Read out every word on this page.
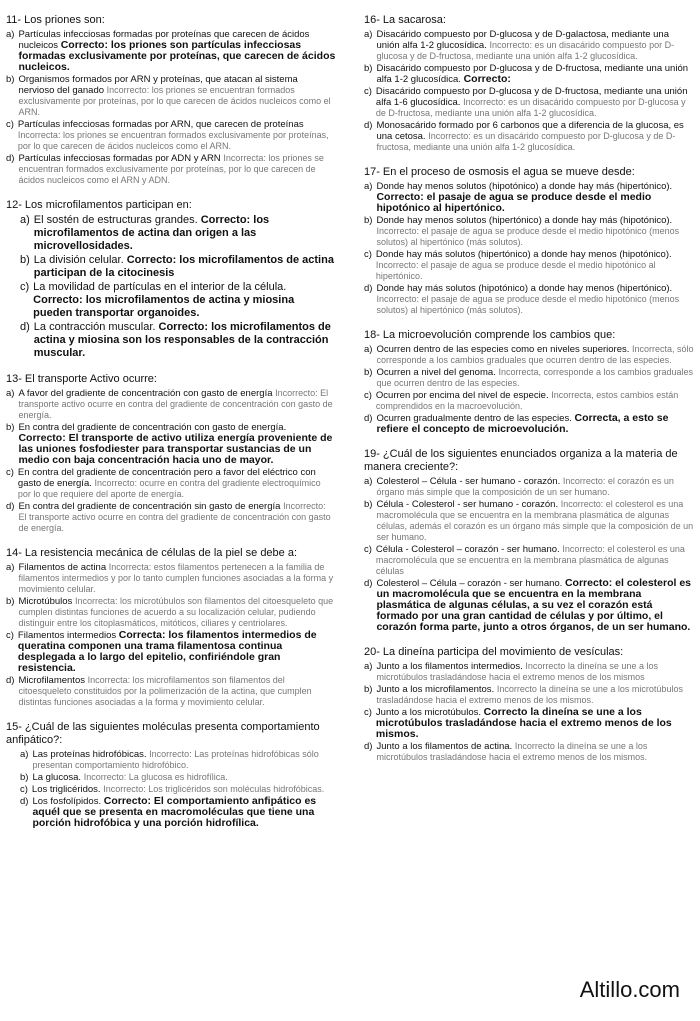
11- Los priones son:
a) Partículas infecciosas formadas por proteínas que carecen de ácidos nucleicos Correcto: los priones son partículas infecciosas formadas exclusivamente por proteínas, que carecen de ácidos nucleicos.
b) Organismos formados por ARN y proteínas, que atacan al sistema nervioso del ganado Incorrecto: los priones se encuentran formados exclusivamente por proteínas, por lo que carecen de ácidos nucleicos como el ARN.
c) Partículas infecciosas formadas por ARN, que carecen de proteínas Incorrecta: los priones se encuentran formados exclusivamente por proteínas, por lo que carecen de ácidos nucleicos como el ARN.
d) Partículas infecciosas formadas por ADN y ARN Incorrecta: los priones se encuentran formados exclusivamente por proteínas, por lo que carecen de ácidos nucleicos como el ARN y ADN.
12- Los microfilamentos participan en:
a) El sostén de estructuras grandes. Correcto: los microfilamentos de actina dan origen a las microvellosidades.
b) La división celular. Correcto: los microfilamentos de actina participan de la citocinesis
c) La movilidad de partículas en el interior de la célula. Correcto: los microfilamentos de actina y miosina pueden transportar organoides.
d) La contracción muscular. Correcto: los microfilamentos de actina y miosina son los responsables de la contracción muscular.
13- El transporte Activo ocurre:
a) A favor del gradiente de concentración con gasto de energía Incorrecto: El transporte activo ocurre en contra del gradiente de concentración con gasto de energía.
b) En contra del gradiente de concentración con gasto de energía. Correcto: El transporte de activo utiliza energía proveniente de las uniones fosfodiester para transportar sustancias de un medio con baja concentración hacia uno de mayor.
c) En contra del gradiente de concentración pero a favor del eléctrico con gasto de energía. Incorrecto: ocurre en contra del gradiente electroquímico por lo que requiere del aporte de energía.
d) En contra del gradiente de concentración sin gasto de energía Incorrecto: El transporte activo ocurre en contra del gradiente de concentración con gasto de energía.
14- La resistencia mecánica de células de la piel se debe a:
a) Filamentos de actina Incorrecta: estos filamentos pertenecen a la familia de filamentos intermedios y por lo tanto cumplen funciones asociadas a la forma y movimiento celular.
b) Microtúbulos Incorrecta: los microtúbulos son filamentos del citoesqueleto que cumplen distintas funciones de acuerdo a su localización celular, pudiendo distinguir entre los citoplasmáticos, mitóticos, ciliares y centriolares.
c) Filamentos intermedios Correcta: los filamentos intermedios de queratina componen una trama filamentosa continua desplegada a lo largo del epitelio, confiriéndole gran resistencia.
d) Microfilamentos Incorrecta: los microfilamentos son filamentos del citoesqueleto constituidos por la polimerización de la actina, que cumplen distintas funciones asociadas a la forma y movimiento celular.
15- ¿Cuál de las siguientes moléculas presenta comportamiento anfipático?:
a) Las proteínas hidrofóbicas. Incorrecto: Las proteínas hidrofóbicas sólo presentan comportamiento hidrofóbico.
b) La glucosa. Incorrecto: La glucosa es hidrofílica.
c) Los triglicéridos. Incorrecto: Los triglicéridos son moléculas hidrofóbicas.
d) Los fosfolípidos. Correcto: El comportamiento anfipático es aquél que se presenta en macromoléculas que tiene una porción hidrofóbica y una porción hidrofílica.
16- La sacarosa:
a) Disacárido compuesto por D-glucosa y de D-galactosa, mediante una unión alfa 1-2 glucosídica. Incorrecto: es un disacárido compuesto por D-glucosa y de D-fructosa, mediante una unión alfa 1-2 glucosídica.
b) Disacárido compuesto por D-glucosa y de D-fructosa, mediante una unión alfa 1-2 glucosídica. Correcto:
c) Disacárido compuesto por D-glucosa y de D-fructosa, mediante una unión alfa 1-6 glucosídica. Incorrecto: es un disacárido compuesto por D-glucosa y de D-fructosa, mediante una unión alfa 1-2 glucosídica.
d) Monosacárido formado por 6 carbonos que a diferencia de la glucosa, es una cetosa. Incorrecto: es un disacárido compuesto por D-glucosa y de D-fructosa, mediante una unión alfa 1-2 glucosídica.
17- En el proceso de osmosis el agua se mueve desde:
a) Donde hay menos solutos (hipotónico) a donde hay más (hipertónico). Correcto: el pasaje de agua se produce desde el medio hipotónico al hipertónico.
b) Donde hay menos solutos (hipertónico) a donde hay más (hipotónico). Incorrecto: el pasaje de agua se produce desde el medio hipotónico (menos solutos) al hipertónico (más solutos).
c) Donde hay más solutos (hipertónico) a donde hay menos (hipotónico). Incorrecto: el pasaje de agua se produce desde el medio hipotónico al hipertónico.
d) Donde hay más solutos (hipotónico) a donde hay menos (hipertónico). Incorrecto: el pasaje de agua se produce desde el medio hipotónico (menos solutos) al hipertónico (más solutos).
18- La microevolución comprende los cambios que:
a) Ocurren dentro de las especies como en niveles superiores. Incorrecta, sólo corresponde a los cambios graduales que ocurren dentro de las especies.
b) Ocurren a nivel del genoma. Incorrecta, corresponde a los cambios graduales que ocurren dentro de las especies.
c) Ocurren por encima del nivel de especie. Incorrecta, estos cambios están comprendidos en la macroevolución.
d) Ocurren gradualmente dentro de las especies. Correcta, a esto se refiere el concepto de microevolución.
19- ¿Cuál de los siguientes enunciados organiza a la materia de manera creciente?:
a) Colesterol – Célula - ser humano - corazón. Incorrecto: el corazón es un órgano más simple que la composición de un ser humano.
b) Célula - Colesterol - ser humano - corazón. Incorrecto: el colesterol es una macromolécula que se encuentra en la membrana plasmática de algunas células, además el corazón es un órgano más simple que la composición de un ser humano.
c) Célula - Colesterol – corazón - ser humano. Incorrecto: el colesterol es una macromolécula que se encuentra en la membrana plasmática de algunas células
d) Colesterol – Célula – corazón - ser humano. Correcto: el colesterol es un macromolécula que se encuentra en la membrana plasmática de algunas células, a su vez el corazón está formado por una gran cantidad de células y por último, el corazón forma parte, junto a otros órganos, de un ser humano.
20- La dineína participa del movimiento de vesículas:
a) Junto a los filamentos intermedios. Incorrecto la dineína se une a los microtúbulos trasladándose hacia el extremo menos de los mismos
b) Junto a los microfilamentos. Incorrecto la dineína se une a los microtúbulos trasladándose hacia el extremo menos de los mismos.
c) Junto a los microtúbulos. Correcto la dineína se une a los microtúbulos trasladándose hacia el extremo menos de los mismos.
d) Junto a los filamentos de actina. Incorrecto la dineína se une a los microtúbulos trasladándose hacia el extremo menos de los mismos.
Altillo.com
